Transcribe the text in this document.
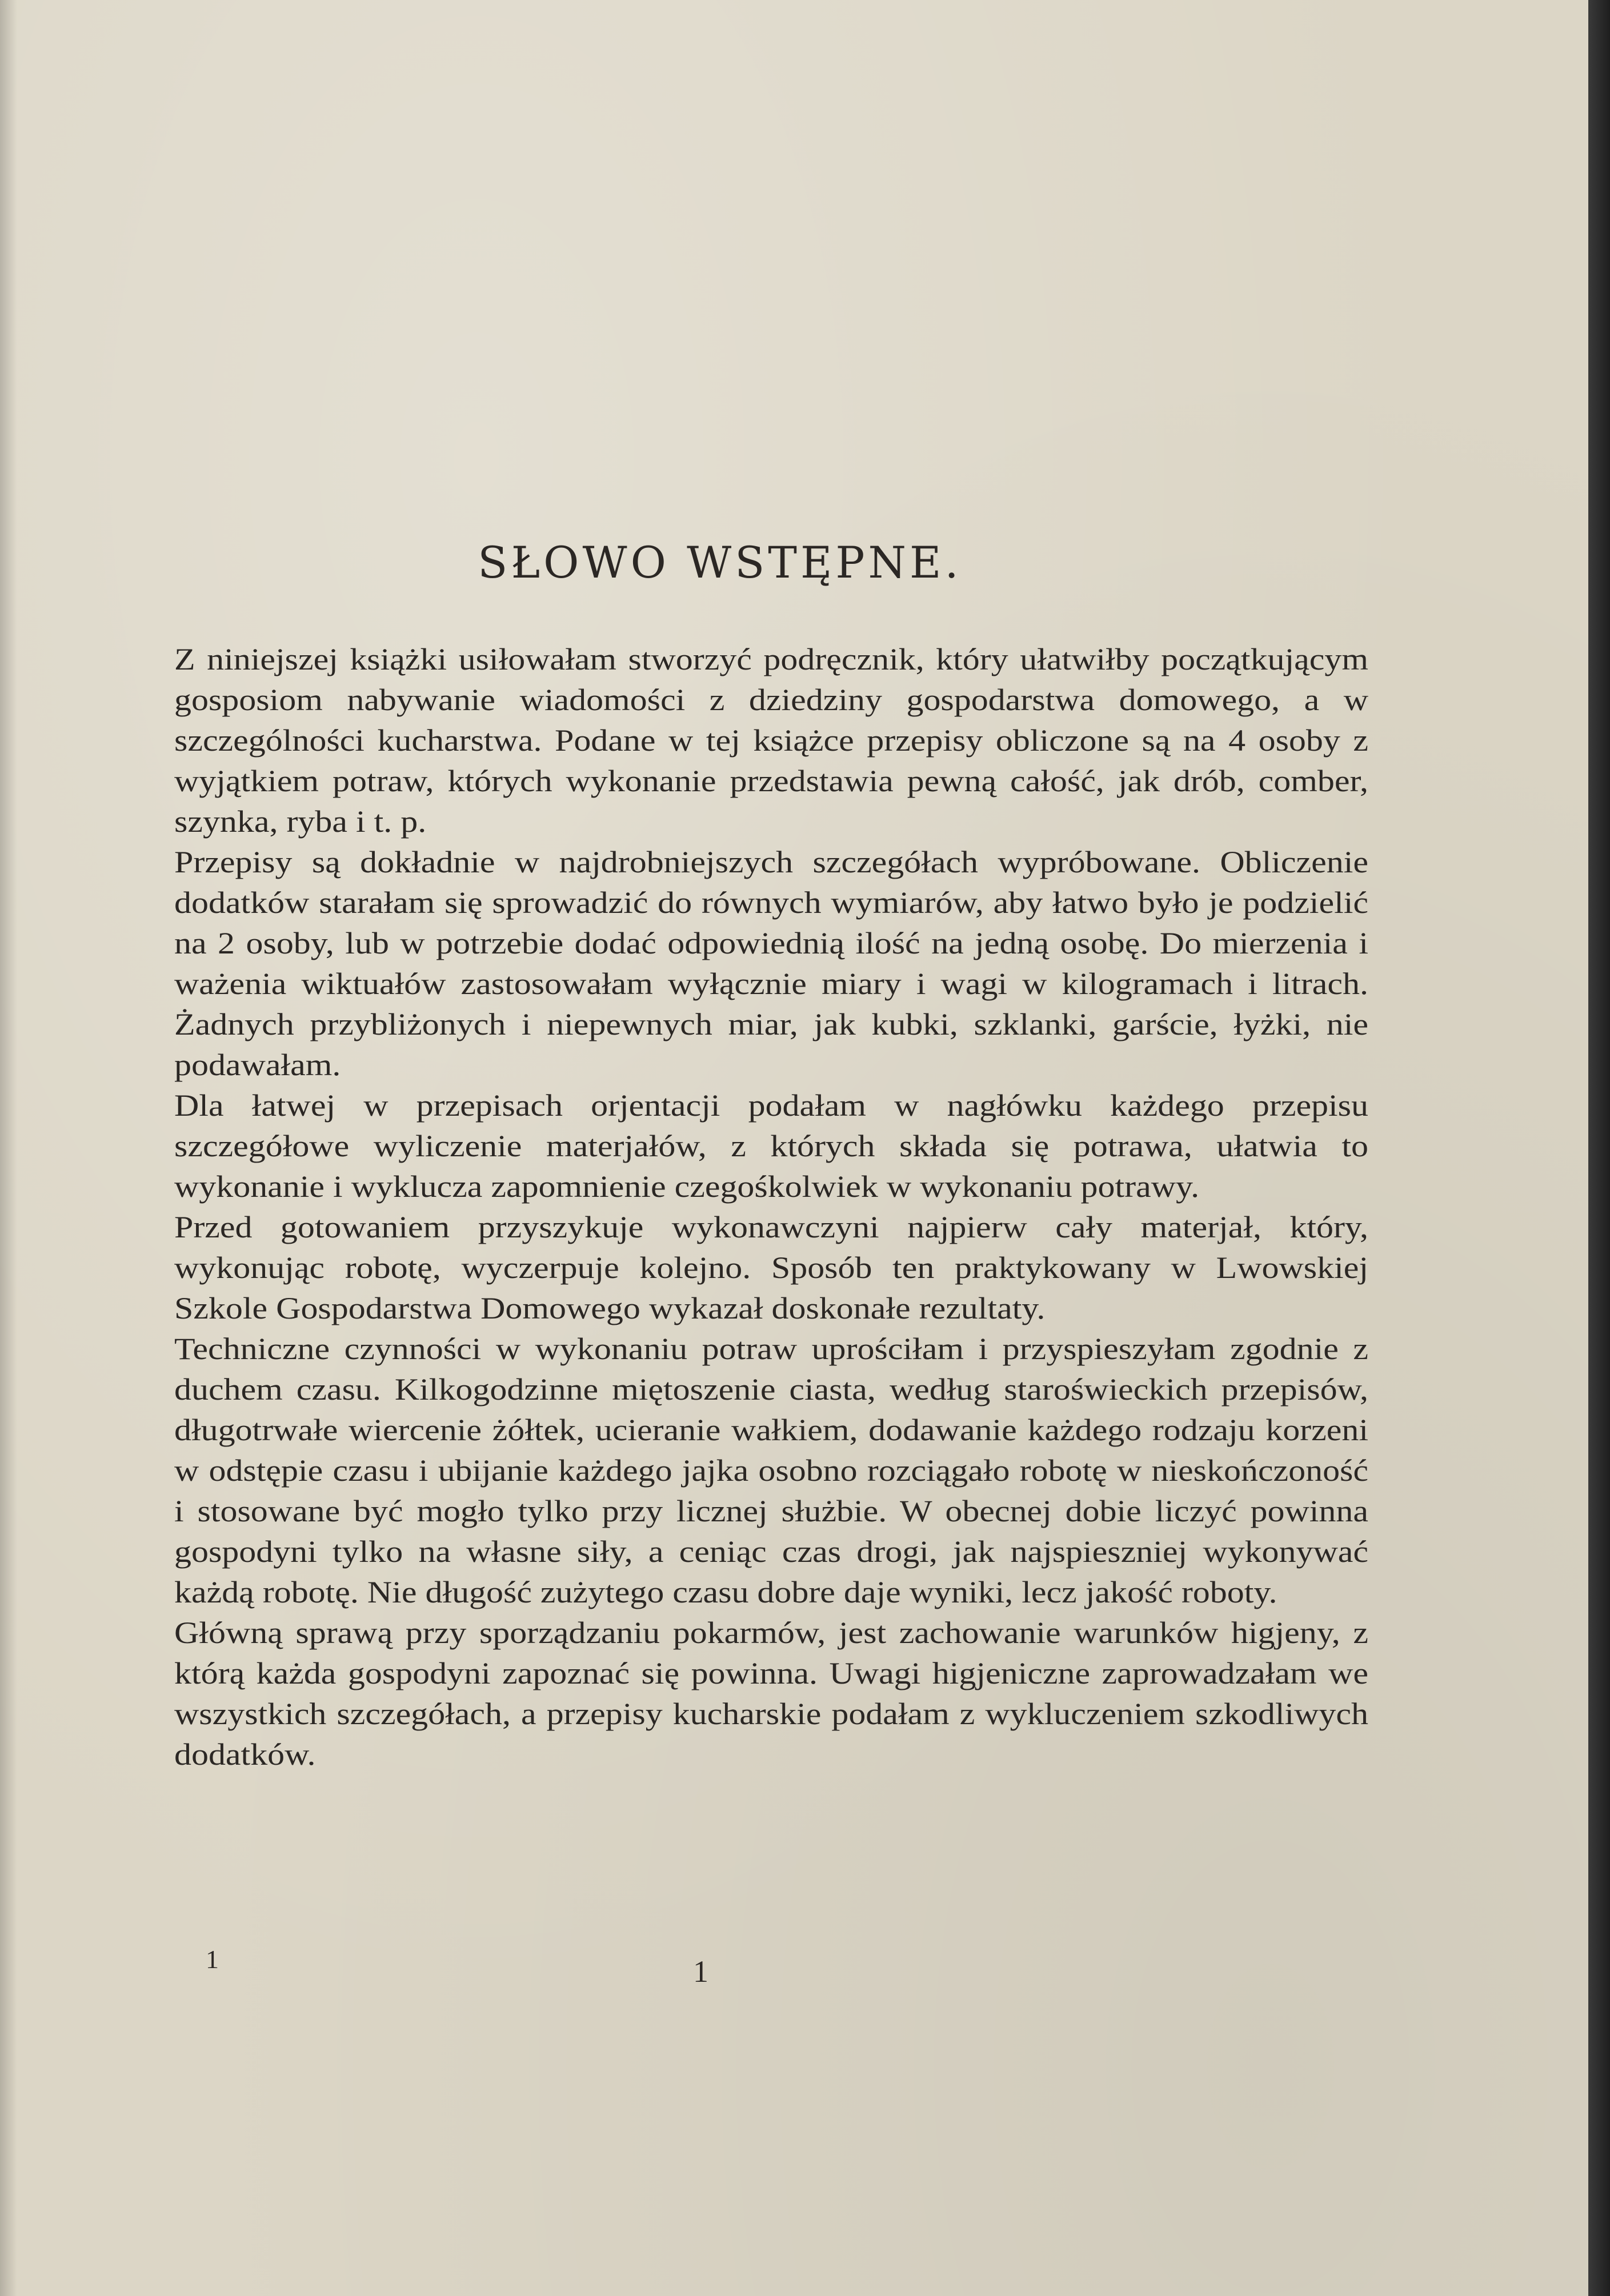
SŁOWO WSTĘPNE.

Z niniejszej książki usiłowałam stworzyć podręcznik, który ułatwiłby początkującym gosposiom nabywanie wiadomości z dziedziny gospodarstwa domowego, a w szczególności kucharstwa. Podane w tej książce przepisy obliczone są na 4 osoby z wyjątkiem potraw, których wykonanie przedstawia pewną całość, jak drób, comber, szynka, ryba i t. p.

Przepisy są dokładnie w najdrobniejszych szczegółach wypróbowane. Obliczenie dodatków starałam się sprowadzić do równych wymiarów, aby łatwo było je podzielić na 2 osoby, lub w potrzebie dodać odpowiednią ilość na jedną osobę. Do mierzenia i ważenia wiktuałów zastosowałam wyłącznie miary i wagi w kilogramach i litrach. Żadnych przybliżonych i niepewnych miar, jak kubki, szklanki, garście, łyżki, nie podawałam.

Dla łatwej w przepisach orjentacji podałam w nagłówku każdego przepisu szczegółowe wyliczenie materjałów, z których składa się potrawa, ułatwia to wykonanie i wyklucza zapomnienie czegośkolwiek w wykonaniu potrawy.

Przed gotowaniem przyszykuje wykonawczyni najpierw cały materjał, który, wykonując robotę, wyczerpuje kolejno. Sposób ten praktykowany w Lwowskiej Szkole Gospodarstwa Domowego wykazał doskonałe rezultaty.

Techniczne czynności w wykonaniu potraw uprościłam i przyspieszyłam zgodnie z duchem czasu. Kilkogodzinne miętoszenie ciasta, według staroświeckich przepisów, długotrwałe wiercenie żółtek, ucieranie wałkiem, dodawanie każdego rodzaju korzeni w odstępie czasu i ubijanie każdego jajka osobno rozciągało robotę w nieskończoność i stosowane być mogło tylko przy licznej służbie. W obecnej dobie liczyć powinna gospodyni tylko na własne siły, a ceniąc czas drogi, jak najspieszniej wykonywać każdą robotę. Nie długość zużytego czasu dobre daje wyniki, lecz jakość roboty.

Główną sprawą przy sporządzaniu pokarmów, jest zachowanie warunków higjeny, z którą każda gospodyni zapoznać się powinna. Uwagi higjeniczne zaprowadzałam we wszystkich szczegółach, a przepisy kucharskie podałam z wykluczeniem szkodliwych dodatków.

1	1
